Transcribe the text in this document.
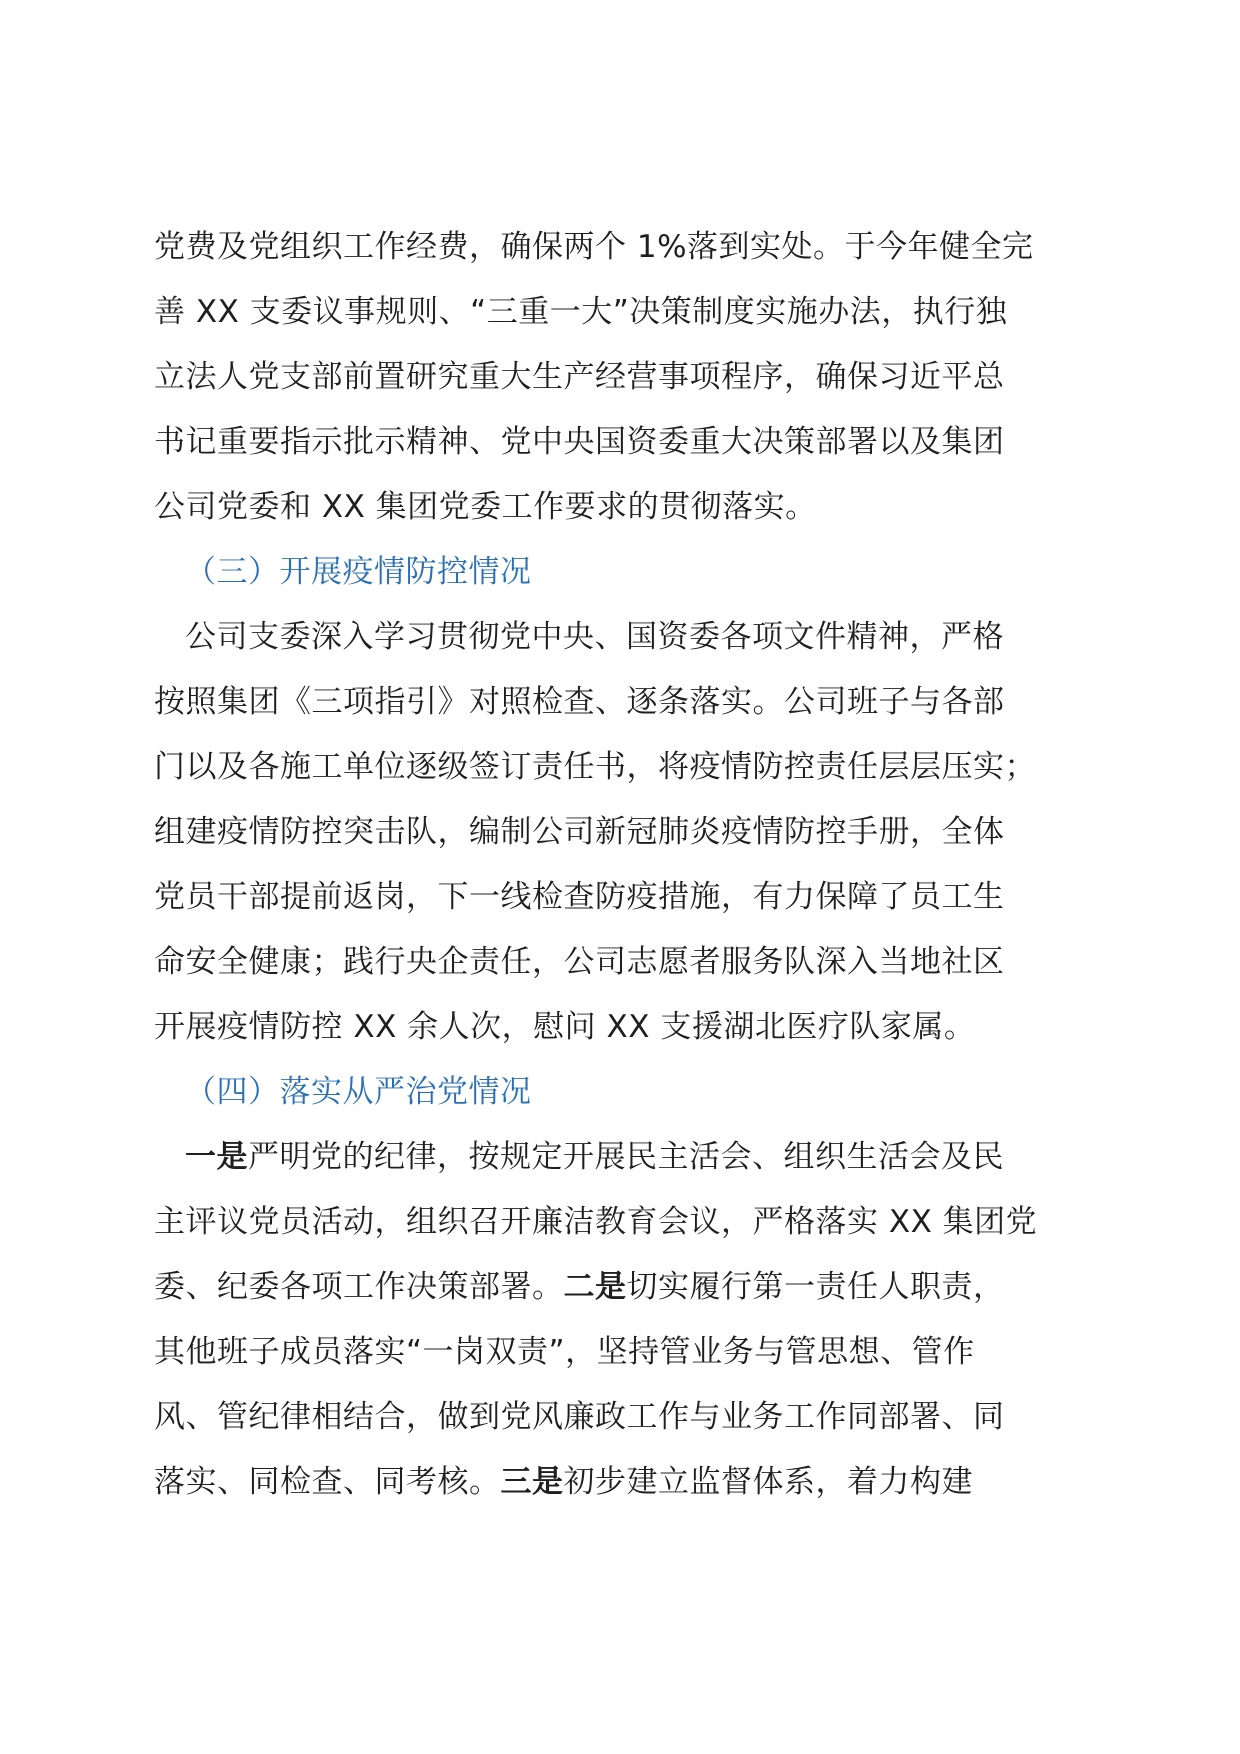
党费及党组织工作经费，确保两个 1%落到实处。于今年健全完
善 XX 支委议事规则、“三重一大”决策制度实施办法，执行独
立法人党支部前置研究重大生产经营事项程序，确保习近平总
书记重要指示批示精神、党中央国资委重大决策部署以及集团
公司党委和 XX 集团党委工作要求的贯彻落实。
（三）开展疫情防控情况
公司支委深入学习贯彻党中央、国资委各项文件精神，严格
按照集团《三项指引》对照检查、逐条落实。公司班子与各部
门以及各施工单位逐级签订责任书，将疫情防控责任层层压实；
组建疫情防控突击队，编制公司新冠肺炎疫情防控手册，全体
党员干部提前返岗，下一线检查防疫措施，有力保障了员工生
命安全健康；践行央企责任，公司志愿者服务队深入当地社区
开展疫情防控 XX 余人次，慰问 XX 支援湖北医疗队家属。
（四）落实从严治党情况
一是严明党的纪律，按规定开展民主活会、组织生活会及民
主评议党员活动，组织召开廉洁教育会议，严格落实 XX 集团党
委、纪委各项工作决策部署。二是切实履行第一责任人职责，
其他班子成员落实“一岗双责”，坚持管业务与管思想、管作
风、管纪律相结合，做到党风廉政工作与业务工作同部署、同
落实、同检查、同考核。三是初步建立监督体系，着力构建
